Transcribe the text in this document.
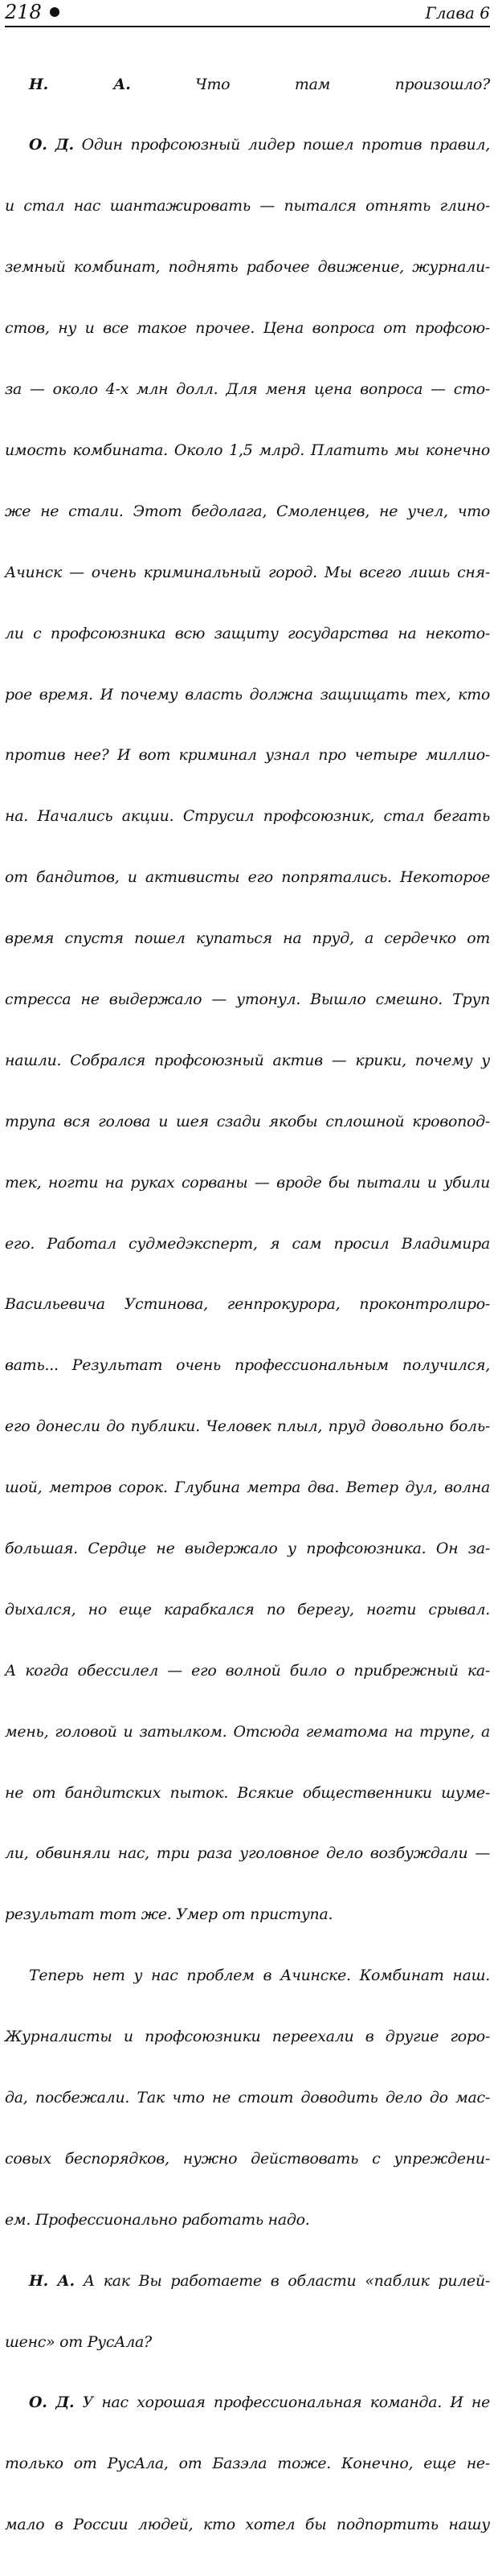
218	Глава 6

Н. А.	Что там произошло?

О. Д. Один профсоюзный лидер пошел против правил,

и стал нас шантажировать — пытался отнять глино-

земный комбинат, поднять рабочее движение, журнали-

стов, ну и все такое прочее. Цена вопроса от профсою-

за — около 4-х млн долл. Для меня цена вопроса — сто-

имость комбината. Около 1,5 млрд. Платить мы конечно

же не стали. Этот бедолага, Смоленцев, не учел, что

Ачинск — очень криминальный город. Мы всего лишь сня-

ли с профсоюзника всю защиту государства на некото-

рое время. И почему власть должна защищать тех, кто

против нее? И вот криминал узнал про четыре миллио-

на. Начались акции. Струсил профсоюзник, стал бегать

от бандитов, и активисты его попрятались. Некоторое

время спустя пошел купаться на пруд, а сердечко от

стресса не выдержало — утонул. Вышло смешно. Труп

нашли. Собрался профсоюзный актив — крики, почему у

трупа вся голова и шея сзади якобы сплошной кровопод-

тек, ногти на руках сорваны — вроде бы пытали и убили

его. Работал судмедэксперт, я сам просил Владимира

Васильевича Устинова, генпрокурора, проконтролиро-

вать... Результат очень профессиональным получился,

его донесли до публики. Человек плыл, пруд довольно боль-

шой, метров сорок. Глубина метра два. Ветер дул, волна

большая. Сердце не выдержало у профсоюзника. Он за-

дыхался, но еще карабкался по берегу, ногти срывал.

А когда обессилел — его волной било о прибрежный ка-

мень, головой и затылком. Отсюда гематома на трупе, а

не от бандитских пыток. Всякие общественники шуме-

ли, обвиняли нас, три раза уголовное дело возбуждали —

результат тот же. Умер от приступа.

Теперь нет у нас проблем в Ачинске. Комбинат наш.

Журналисты и профсоюзники переехали в другие горо-

да, посбежали. Так что не стоит доводить дело до мас-

совых беспорядков, нужно действовать с упреждени-

ем. Профессионально работать надо.

Н. А. А как Вы работаете в области «паблик рилей-

шенс» от РусАла?

О. Д. У нас хорошая профессиональная команда. И не

только от РусАла, от Базэла тоже. Конечно, еще не-

мало в России людей, кто хотел бы подпортить нашу
